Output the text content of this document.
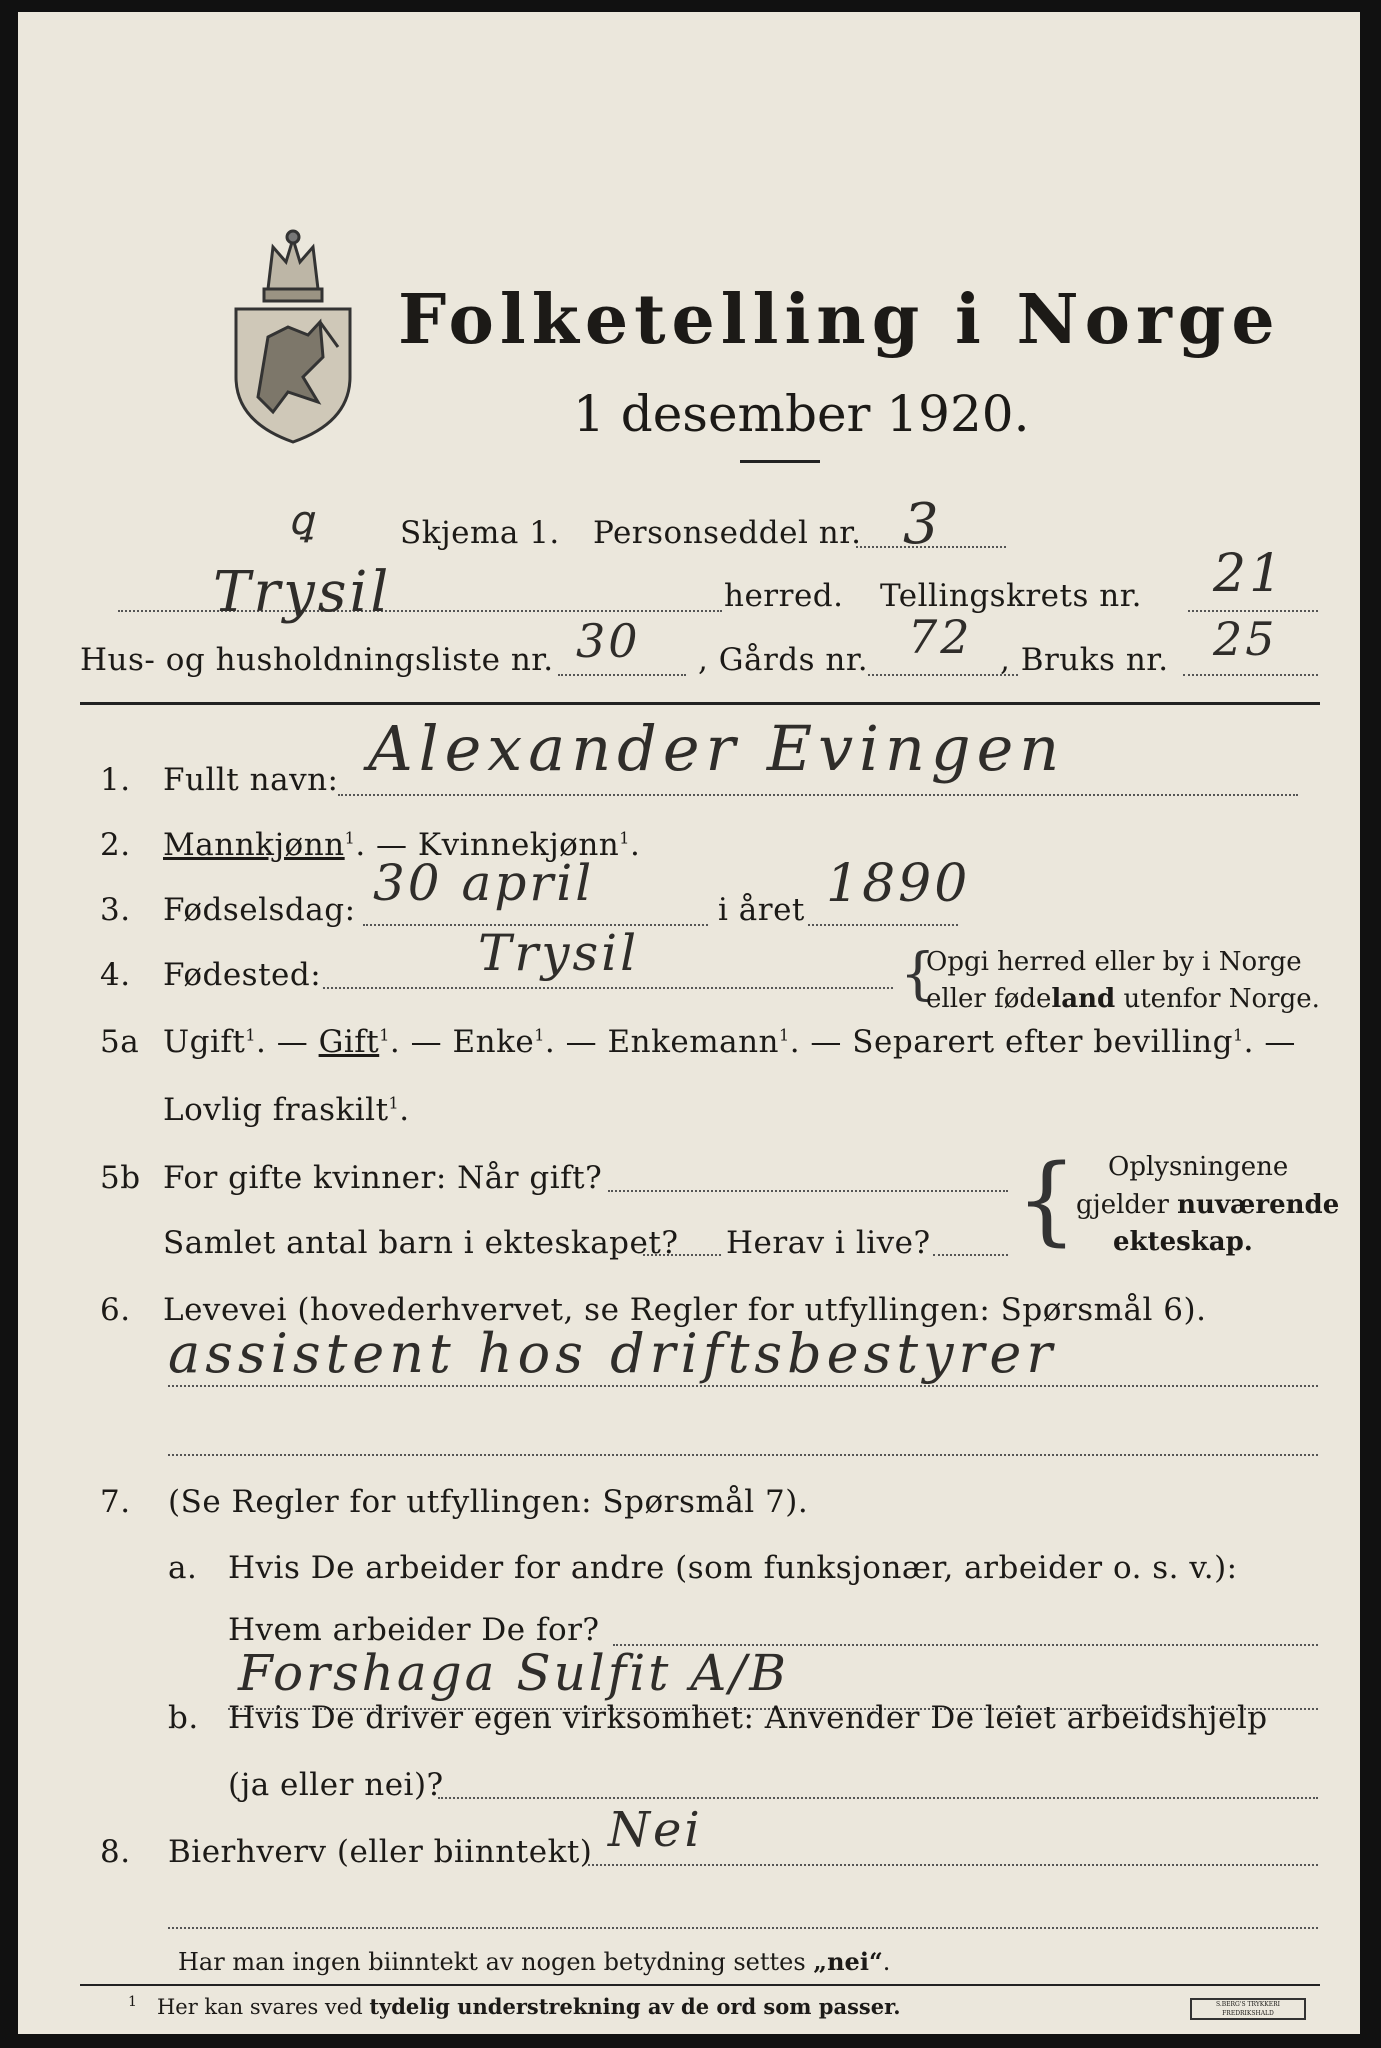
Folketelling i Norge
1 desember 1920.
ꝗ	Skjema 1. Personseddel nr. 3
Trysil	herred. Tellingskrets nr. 21
Hus- og husholdningsliste nr. 30 , Gårds nr. 72 , Bruks nr. 25
1. Fullt navn: Alexander Evingen
2. Mannkjønn$^1$. — Kvinnekjønn$^1$.
3. Fødselsdag: 30 april	i året 1890
4. Fødested:	Trysil	{
Opgi herred eller by i Norge
eller fødeland utenfor Norge.
5a Ugift$^1$. — Gift$^1$. — Enke$^1$. — Enkemann$^1$. — Separert efter bevilling$^1$. —
Lovlig fraskilt$^1$.
5b For gifte kvinner: Når gift?
Samlet antal barn i ekteskapet? Herav i live? { Oplysningene
gjelder nuværende
ekteskap.
6. Levevei (hovederhvervet, se Regler for utfyllingen: Spørsmål 6).
assistent hos driftsbestyrer
7. (Se Regler for utfyllingen: Spørsmål 7).
a. Hvis De arbeider for andre (som funksjonær, arbeider o. s. v.):
Hvem arbeider De for?
Forshaga Sulfit A/B
b. Hvis De driver egen virksomhet: Anvender De leiet arbeidshjelp
(ja eller nei)?
8. Bierhverv (eller biinntekt) Nei
Har man ingen biinntekt av nogen betydning settes „nei“.
$^1$ Her kan svares ved tydelig understrekning av de ord som passer.	S.BERG'S TRYKKERI FREDRIKSHALD
